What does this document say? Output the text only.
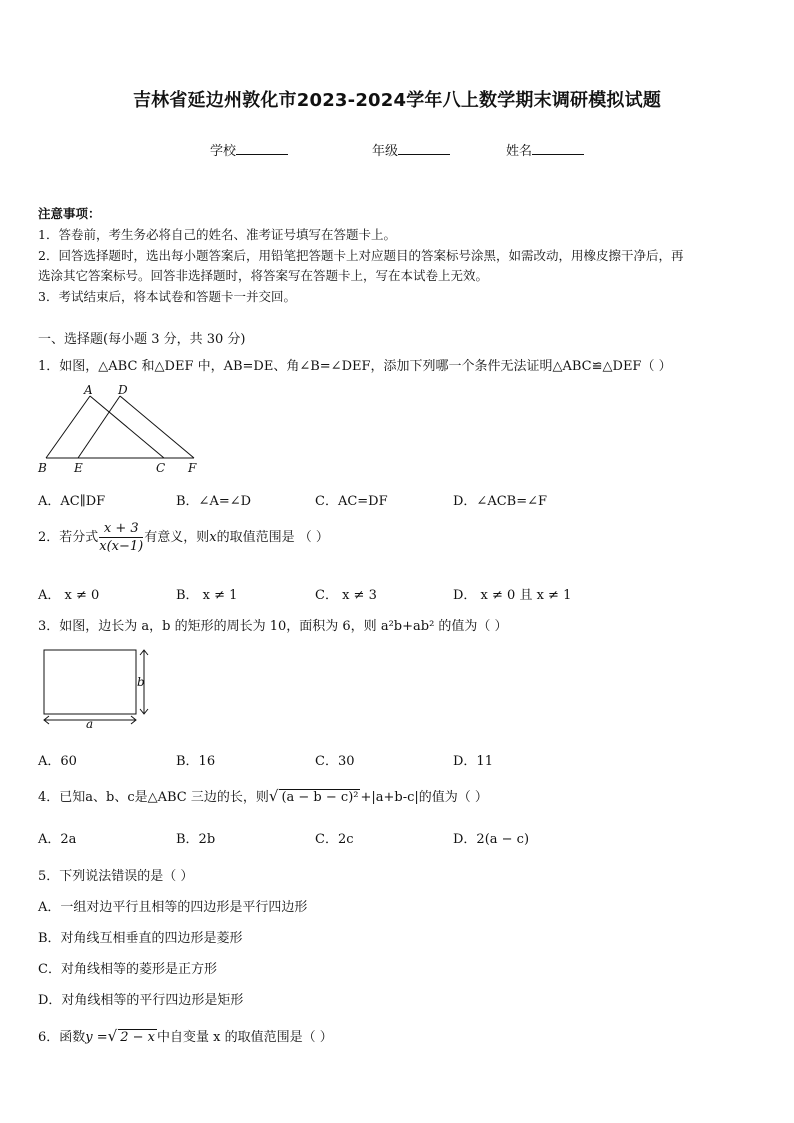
吉林省延边州敦化市2023-2024学年八上数学期末调研模拟试题
学校	年级	姓名
注意事项：
1．答卷前，考生务必将自己的姓名、准考证号填写在答题卡上。
2．回答选择题时，选出每小题答案后，用铅笔把答题卡上对应题目的答案标号涂黑，如需改动，用橡皮擦干净后，再
选涂其它答案标号。回答非选择题时，将答案写在答题卡上，写在本试卷上无效。
3．考试结束后，将本试卷和答题卡一并交回。
一、选择题(每小题 3 分，共 30 分)
1．如图，△ABC 和△DEF 中，AB=DE、角∠B=∠DEF，添加下列哪一个条件无法证明△ABC≌△DEF（ ）
A D
B E	C F
A．AC∥DF	B．∠A=∠D	C．AC=DF	D．∠ACB=∠F
2．若分式 $\frac{x + 3}{x(x-1)}$ 有意义，则x的取值范围是 （ ）
A． x ≠ 0	B． x ≠ 1	C． x ≠ 3	D． x ≠ 0 且 x ≠ 1
3．如图，边长为 a，b 的矩形的周长为 10，面积为 6，则 a²b+ab² 的值为（ ）
b
a
A．60	B．16	C．30	D．11
4．已知a、b、c是△ABC 三边的长，则√ (a − b − c)² +|a+b-c|的值为（ ）
A．2a	B．2b	C．2c	D．2(a − c)
5．下列说法错误的是（ ）
A．一组对边平行且相等的四边形是平行四边形
B．对角线互相垂直的四边形是菱形
C．对角线相等的菱形是正方形
D．对角线相等的平行四边形是矩形
6．函数y =√ 2 − x 中自变量 x 的取值范围是（ ）
